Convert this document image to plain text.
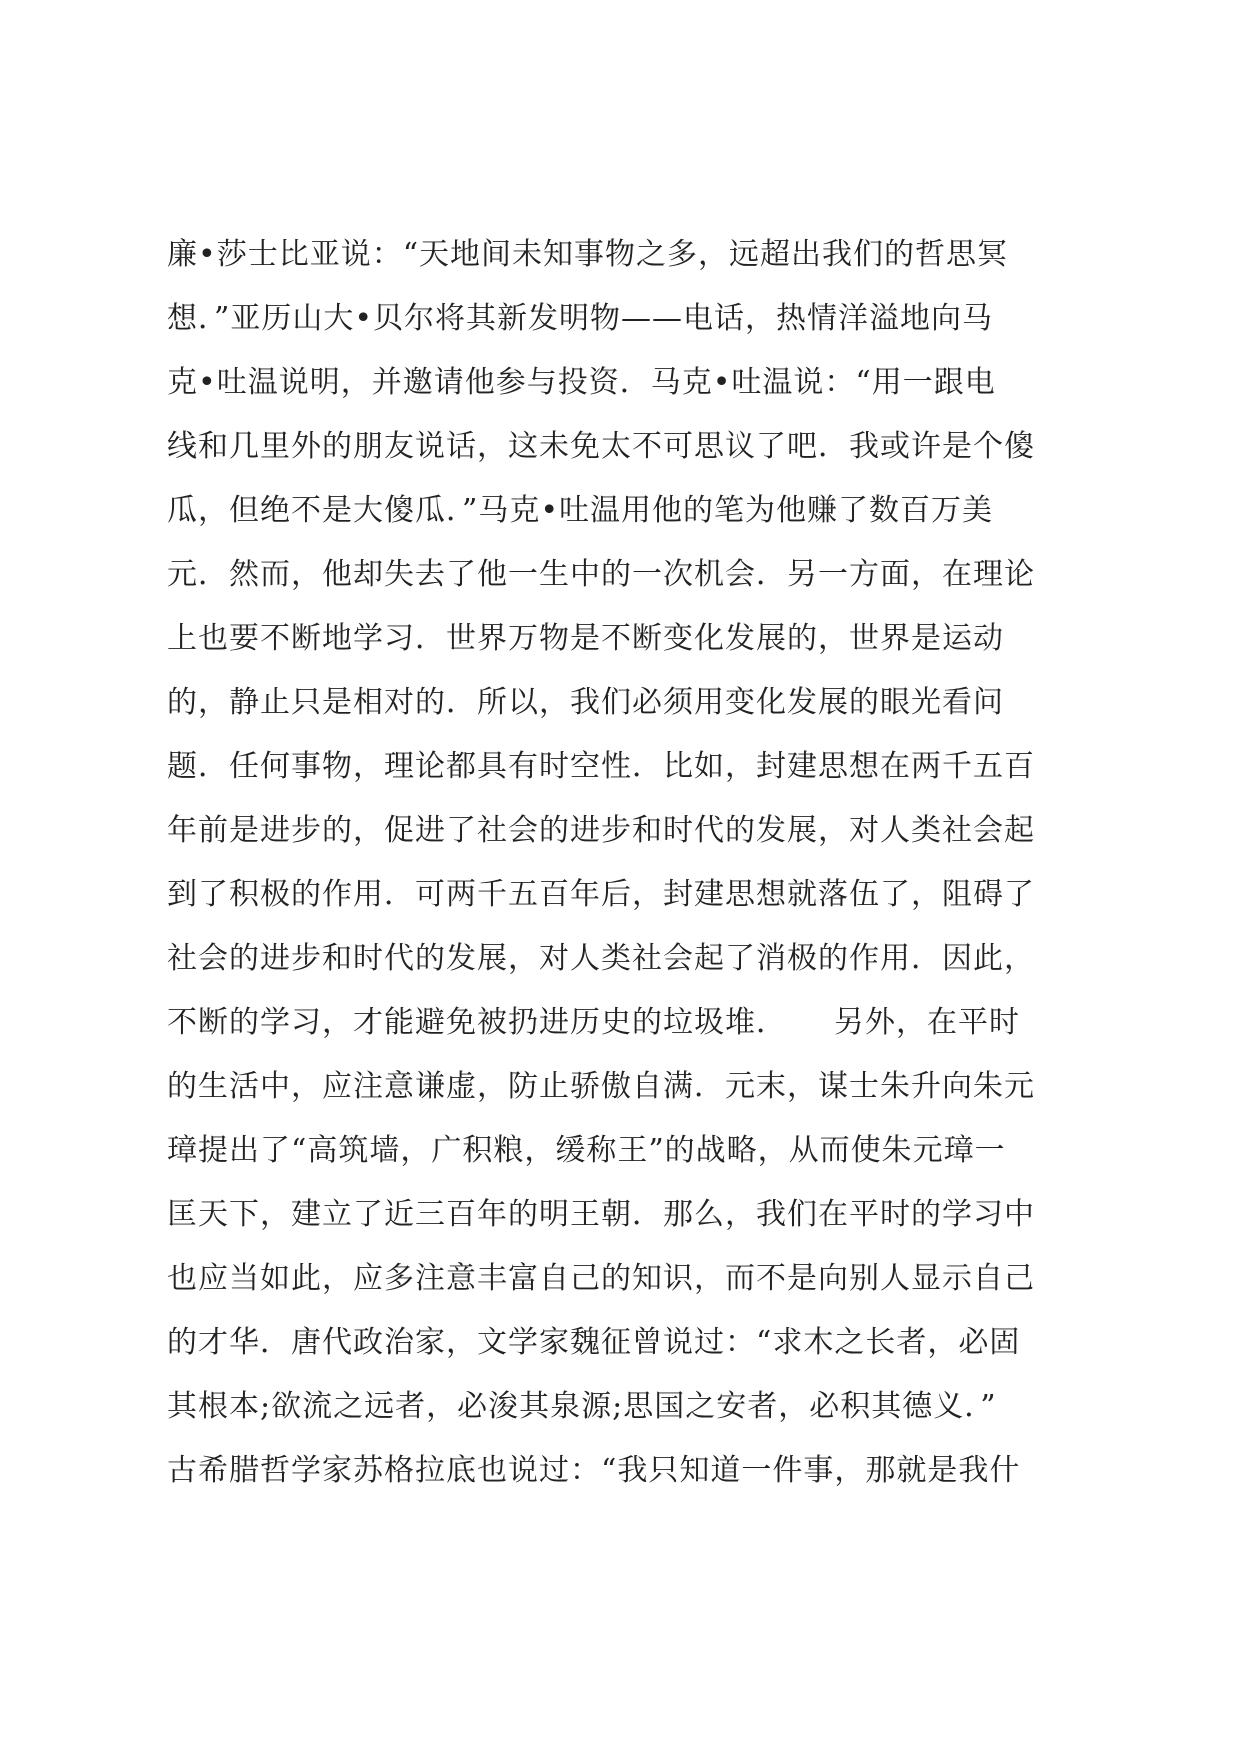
廉•莎士比亚说：“天地间未知事物之多，远超出我们的哲思冥
想．”亚历山大•贝尔将其新发明物——电话，热情洋溢地向马
克•吐温说明，并邀请他参与投资．马克•吐温说：“用一跟电
线和几里外的朋友说话，这未免太不可思议了吧．我或许是个傻
瓜，但绝不是大傻瓜．”马克•吐温用他的笔为他赚了数百万美
元．然而，他却失去了他一生中的一次机会．另一方面，在理论
上也要不断地学习．世界万物是不断变化发展的，世界是运动
的，静止只是相对的．所以，我们必须用变化发展的眼光看问
题．任何事物，理论都具有时空性．比如，封建思想在两千五百
年前是进步的，促进了社会的进步和时代的发展，对人类社会起
到了积极的作用．可两千五百年后，封建思想就落伍了，阻碍了
社会的进步和时代的发展，对人类社会起了消极的作用．因此，
不断的学习，才能避免被扔进历史的垃圾堆．　　另外，在平时
的生活中，应注意谦虚，防止骄傲自满．元末，谋士朱升向朱元
璋提出了“高筑墙，广积粮，缓称王”的战略，从而使朱元璋一
匡天下，建立了近三百年的明王朝．那么，我们在平时的学习中
也应当如此，应多注意丰富自己的知识，而不是向别人显示自己
的才华．唐代政治家，文学家魏征曾说过：“求木之长者，必固
其根本;欲流之远者，必浚其泉源;思国之安者，必积其德义．”
古希腊哲学家苏格拉底也说过：“我只知道一件事，那就是我什
